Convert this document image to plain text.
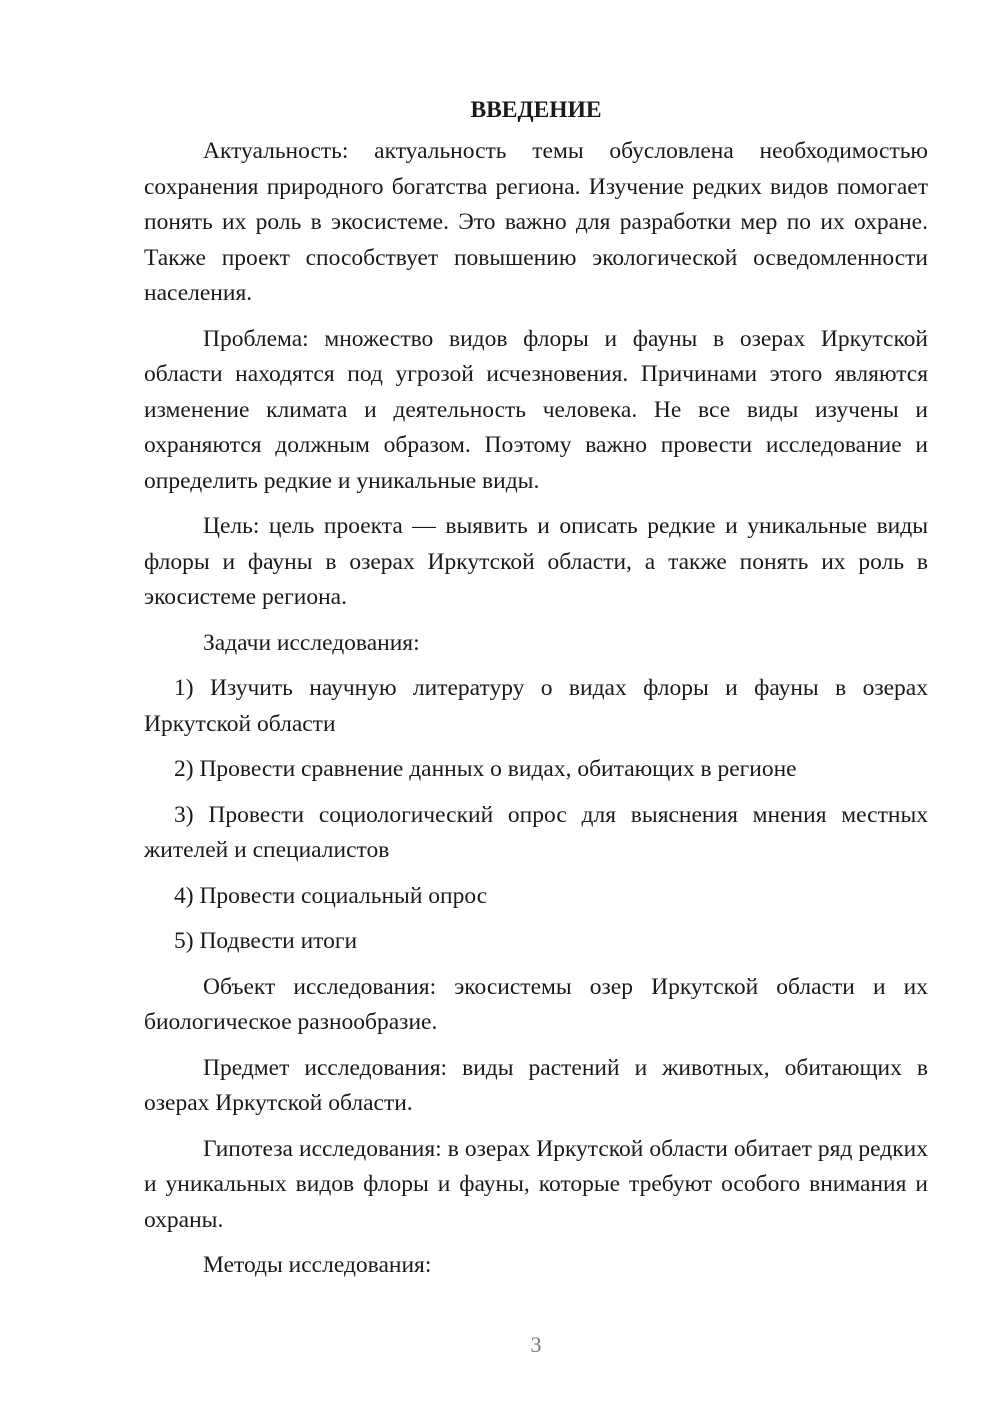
ВВЕДЕНИЕ

Актуальность: актуальность темы обусловлена необходимостью сохранения природного богатства региона. Изучение редких видов помогает понять их роль в экосистеме. Это важно для разработки мер по их охране. Также проект способствует повышению экологической осведомленности населения.

Проблема: множество видов флоры и фауны в озерах Иркутской области находятся под угрозой исчезновения. Причинами этого являются изменение климата и деятельность человека. Не все виды изучены и охраняются должным образом. Поэтому важно провести исследование и определить редкие и уникальные виды.

Цель: цель проекта — выявить и описать редкие и уникальные виды флоры и фауны в озерах Иркутской области, а также понять их роль в экосистеме региона.

Задачи исследования:

1) Изучить научную литературу о видах флоры и фауны в озерах Иркутской области

2) Провести сравнение данных о видах, обитающих в регионе

3) Провести социологический опрос для выяснения мнения местных жителей и специалистов

4) Провести социальный опрос

5) Подвести итоги

Объект исследования: экосистемы озер Иркутской области и их биологическое разнообразие.

Предмет исследования: виды растений и животных, обитающих в озерах Иркутской области.

Гипотеза исследования: в озерах Иркутской области обитает ряд редких и уникальных видов флоры и фауны, которые требуют особого внимания и охраны.

Методы исследования:

3
